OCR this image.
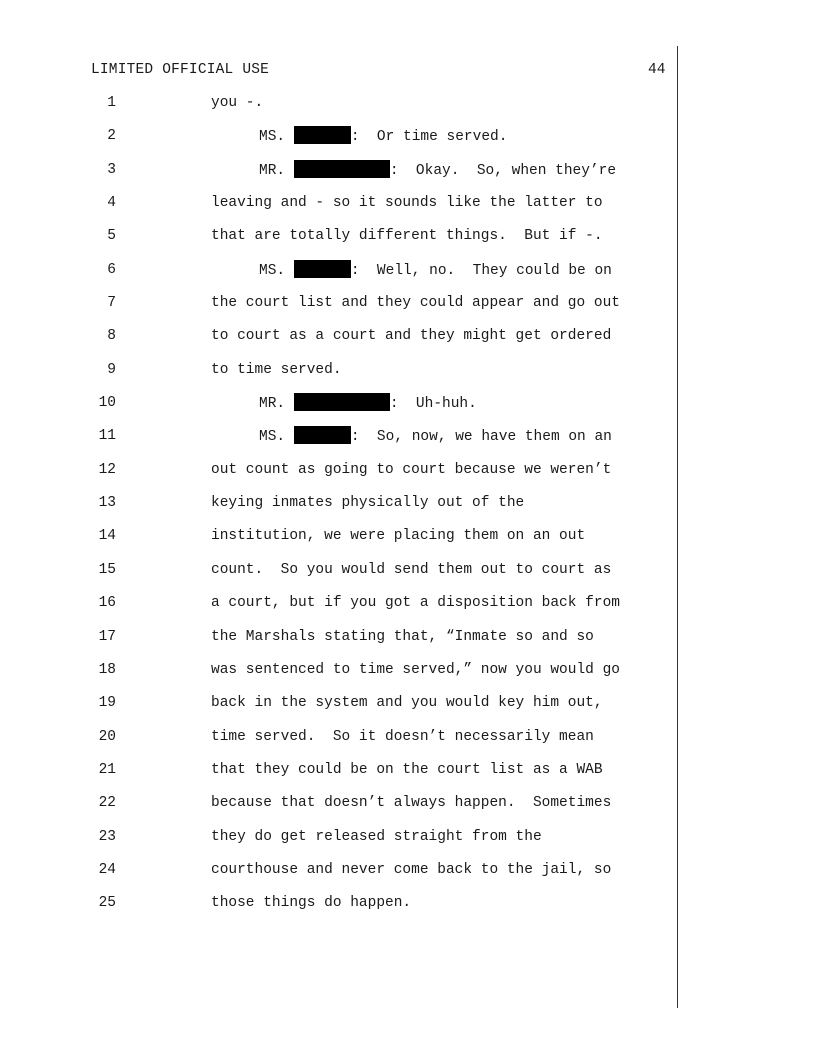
LIMITED OFFICIAL USE	44
1	you -.
2	MS.	:  Or time served.
3	MR.	:  Okay.  So, when they’re
4	leaving and - so it sounds like the latter to
5	that are totally different things.  But if -.
6	MS.	:  Well, no.  They could be on
7	the court list and they could appear and go out
8	to court as a court and they might get ordered
9	to time served.
10	MR.	:  Uh-huh.
11	MS.	:  So, now, we have them on an
12	out count as going to court because we weren’t
13	keying inmates physically out of the
14	institution, we were placing them on an out
15	count.  So you would send them out to court as
16	a court, but if you got a disposition back from
17	the Marshals stating that, “Inmate so and so
18	was sentenced to time served,” now you would go
19	back in the system and you would key him out,
20	time served.  So it doesn’t necessarily mean
21	that they could be on the court list as a WAB
22	because that doesn’t always happen.  Sometimes
23	they do get released straight from the
24	courthouse and never come back to the jail, so
25	those things do happen.
